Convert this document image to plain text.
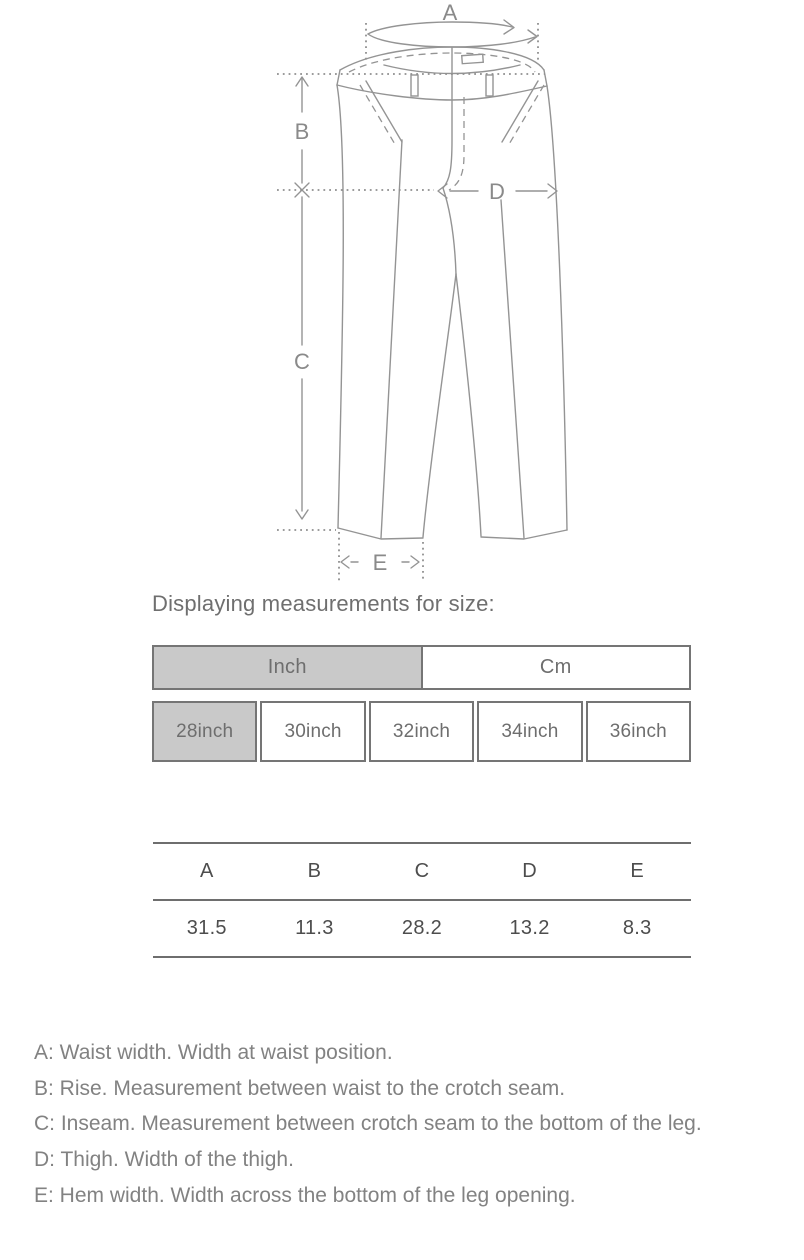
A
B
C
D
E
Displaying measurements for size:
Inch	Cm
28inch	30inch	32inch	34inch	36inch
A	B	C	D	E
31.5	11.3	28.2	13.2	8.3
A: Waist width. Width at waist position.
B: Rise. Measurement between waist to the crotch seam.
C: Inseam. Measurement between crotch seam to the bottom of the leg.
D: Thigh. Width of the thigh.
E: Hem width. Width across the bottom of the leg opening.
